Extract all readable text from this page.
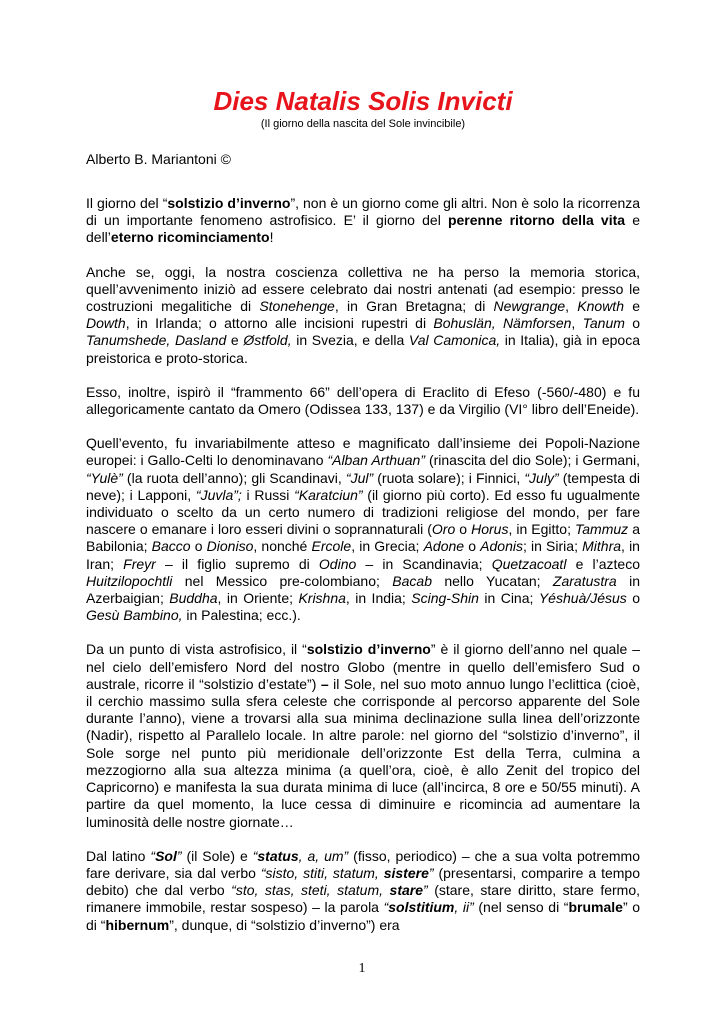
Dies Natalis Solis Invicti
(Il giorno della nascita del Sole invincibile)
Alberto B. Mariantoni ©

Il giorno del “solstizio d’inverno”, non è un giorno come gli altri. Non è solo la ricorrenza di un importante fenomeno astrofisico. E’ il giorno del perenne ritorno della vita e dell’eterno ricominciamento!

Anche se, oggi, la nostra coscienza collettiva ne ha perso la memoria storica, quell’avvenimento iniziò ad essere celebrato dai nostri antenati (ad esempio: presso le costruzioni megalitiche di Stonehenge, in Gran Bretagna; di Newgrange, Knowth e Dowth, in Irlanda; o attorno alle incisioni rupestri di Bohuslän, Nämforsen, Tanum o Tanumshede, Dasland e Østfold, in Svezia, e della Val Camonica, in Italia), già in epoca preistorica e proto-storica.

Esso, inoltre, ispirò il “frammento 66” dell’opera di Eraclito di Efeso (-560/-480) e fu allegoricamente cantato da Omero (Odissea 133, 137) e da Virgilio (VI° libro dell’Eneide).

Quell’evento, fu invariabilmente atteso e magnificato dall’insieme dei Popoli-Nazione europei: i Gallo-Celti lo denominavano “Alban Arthuan” (rinascita del dio Sole); i Germani, “Yulè” (la ruota dell’anno); gli Scandinavi, “Jul” (ruota solare); i Finnici, “July” (tempesta di neve); i Lapponi, “Juvla”; i Russi “Karatciun” (il giorno più corto). Ed esso fu ugualmente individuato o scelto da un certo numero di tradizioni religiose del mondo, per fare nascere o emanare i loro esseri divini o soprannaturali (Oro o Horus, in Egitto; Tammuz a Babilonia; Bacco o Dioniso, nonché Ercole, in Grecia; Adone o Adonis; in Siria; Mithra, in Iran; Freyr – il figlio supremo di Odino – in Scandinavia; Quetzacoatl e l’azteco Huitzilopochtli nel Messico pre-colombiano; Bacab nello Yucatan; Zaratustra in Azerbaigian; Buddha, in Oriente; Krishna, in India; Scing-Shin in Cina; Yéshuà/Jésus o Gesù Bambino, in Palestina; ecc.).

Da un punto di vista astrofisico, il “solstizio d’inverno” è il giorno dell’anno nel quale – nel cielo dell’emisfero Nord del nostro Globo (mentre in quello dell’emisfero Sud o australe, ricorre il “solstizio d’estate”) – il Sole, nel suo moto annuo lungo l’eclittica (cioè, il cerchio massimo sulla sfera celeste che corrisponde al percorso apparente del Sole durante l’anno), viene a trovarsi alla sua minima declinazione sulla linea dell’orizzonte (Nadir), rispetto al Parallelo locale. In altre parole: nel giorno del “solstizio d’inverno”, il Sole sorge nel punto più meridionale dell’orizzonte Est della Terra, culmina a mezzogiorno alla sua altezza minima (a quell’ora, cioè, è allo Zenit del tropico del Capricorno) e manifesta la sua durata minima di luce (all’incirca, 8 ore e 50/55 minuti). A partire da quel momento, la luce cessa di diminuire e ricomincia ad aumentare la luminosità delle nostre giornate…

Dal latino “Sol” (il Sole) e “status, a, um” (fisso, periodico) – che a sua volta potremmo fare derivare, sia dal verbo “sisto, stiti, statum, sistere” (presentarsi, comparire a tempo debito) che dal verbo “sto, stas, steti, statum, stare” (stare, stare diritto, stare fermo, rimanere immobile, restar sospeso) – la parola “solstitium, ii” (nel senso di “brumale” o di “hibernum”, dunque, di “solstizio d’inverno”) era

1
